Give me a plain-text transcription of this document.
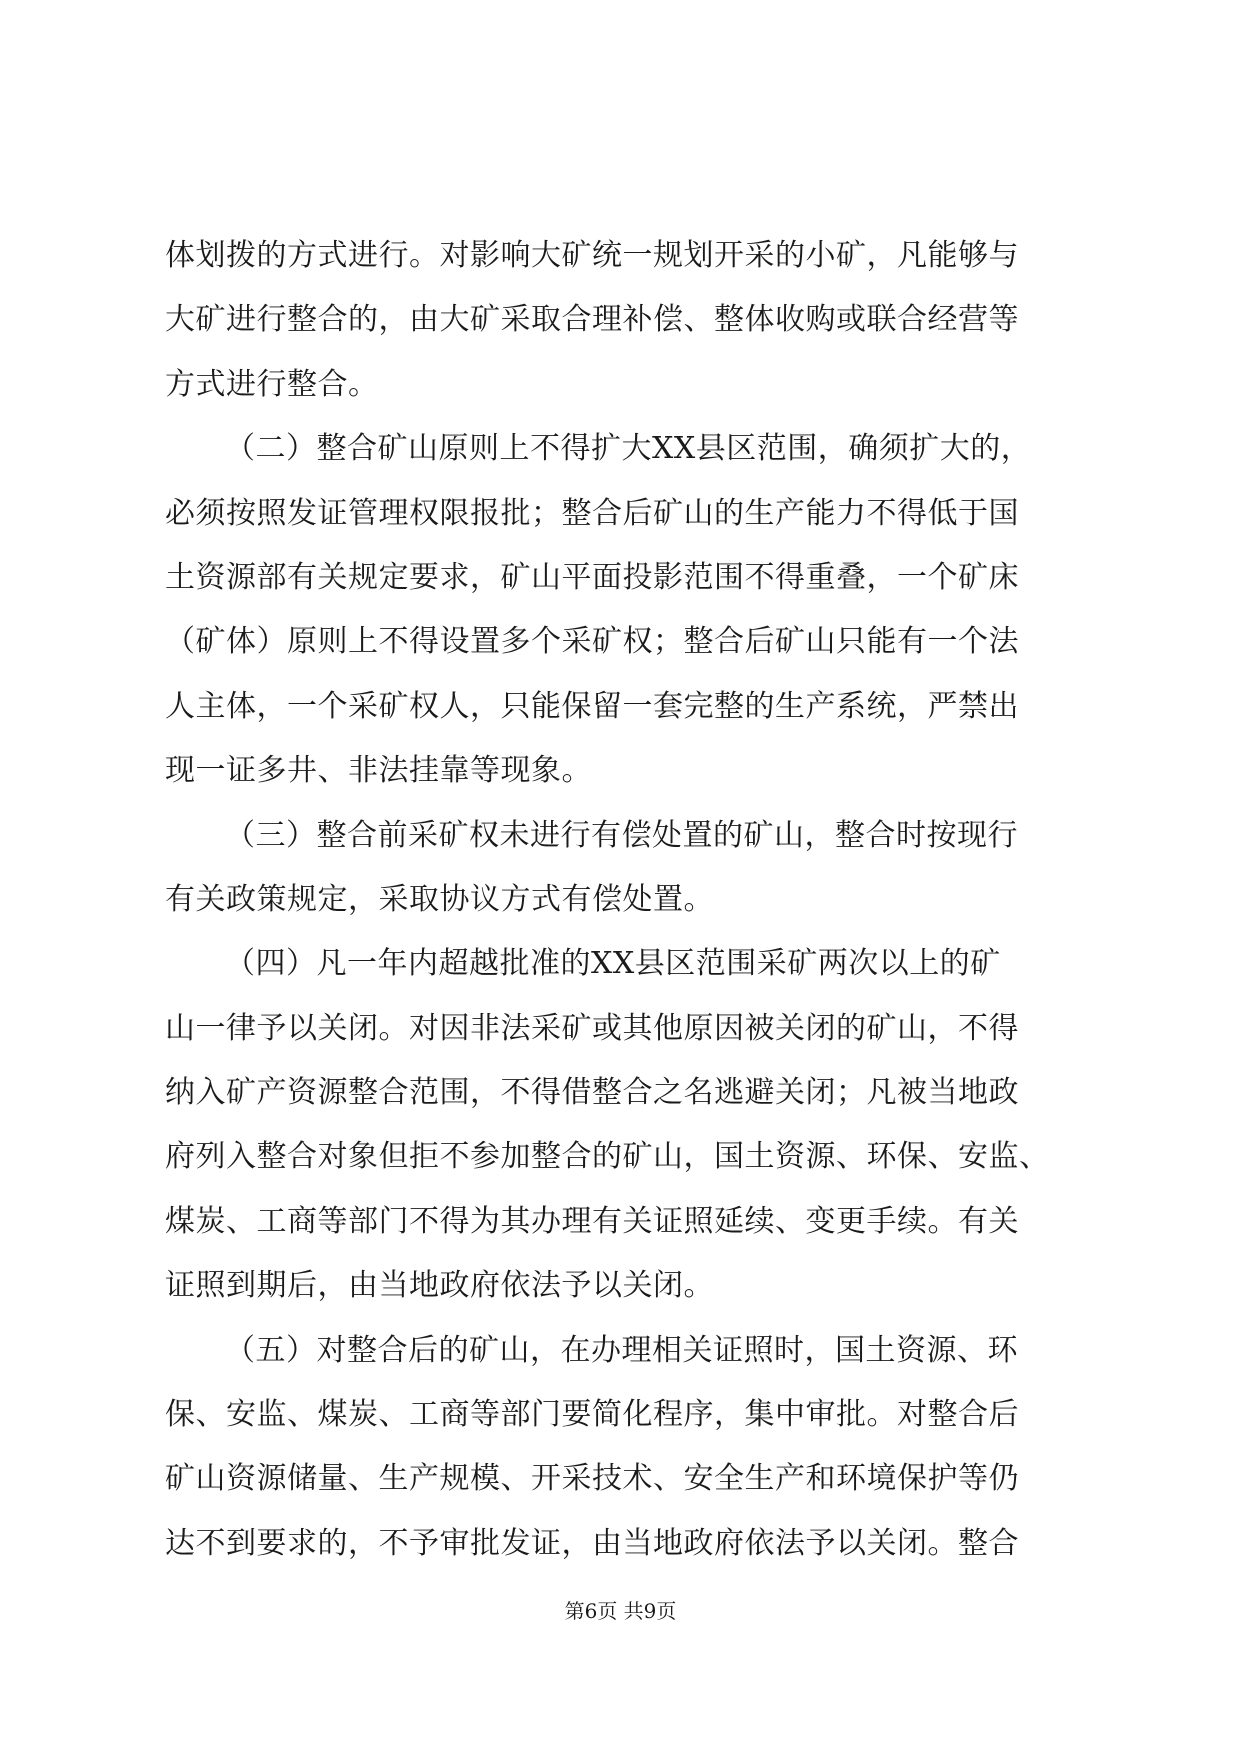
体划拨的方式进行。对影响大矿统一规划开采的小矿，凡能够与
大矿进行整合的，由大矿采取合理补偿、整体收购或联合经营等
方式进行整合。
（二）整合矿山原则上不得扩大XX县区范围，确须扩大的，
必须按照发证管理权限报批；整合后矿山的生产能力不得低于国
土资源部有关规定要求，矿山平面投影范围不得重叠，一个矿床
（矿体）原则上不得设置多个采矿权；整合后矿山只能有一个法
人主体，一个采矿权人，只能保留一套完整的生产系统，严禁出
现一证多井、非法挂靠等现象。
（三）整合前采矿权未进行有偿处置的矿山，整合时按现行
有关政策规定，采取协议方式有偿处置。
（四）凡一年内超越批准的XX县区范围采矿两次以上的矿
山一律予以关闭。对因非法采矿或其他原因被关闭的矿山，不得
纳入矿产资源整合范围，不得借整合之名逃避关闭；凡被当地政
府列入整合对象但拒不参加整合的矿山，国土资源、环保、安监、
煤炭、工商等部门不得为其办理有关证照延续、变更手续。有关
证照到期后，由当地政府依法予以关闭。
（五）对整合后的矿山，在办理相关证照时，国土资源、环
保、安监、煤炭、工商等部门要简化程序，集中审批。对整合后
矿山资源储量、生产规模、开采技术、安全生产和环境保护等仍
达不到要求的，不予审批发证，由当地政府依法予以关闭。整合
第6页 共9页
